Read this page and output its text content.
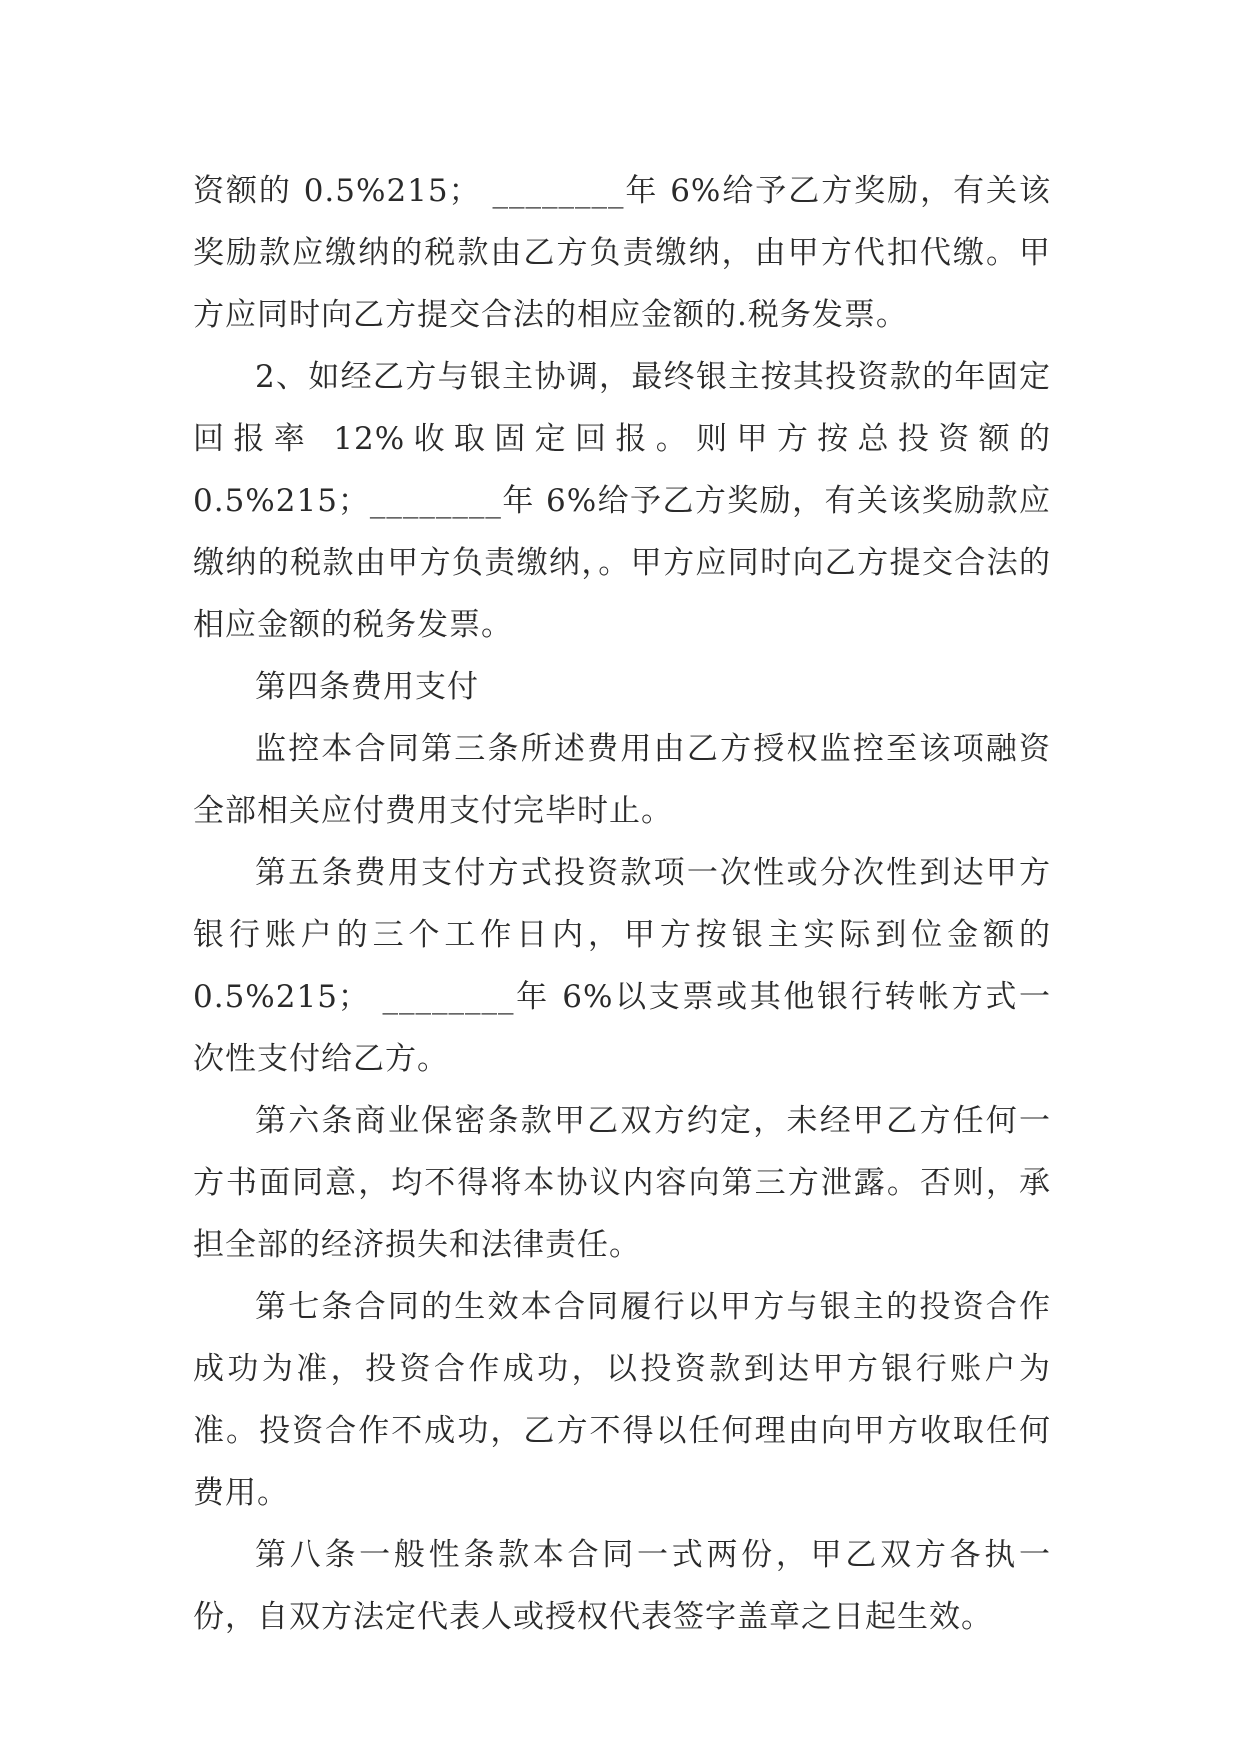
资额的 0.5%215； ________年 6%给予乙方奖励，有关该奖励款应缴纳的税款由乙方负责缴纳，由甲方代扣代缴。甲方应同时向乙方提交合法的相应金额的.税务发票。

2、如经乙方与银主协调，最终银主按其投资款的年固定回报率 12%收取固定回报。则甲方按总投资额的 0.5%215；________年 6%给予乙方奖励，有关该奖励款应缴纳的税款由甲方负责缴纳，。甲方应同时向乙方提交合法的相应金额的税务发票。

第四条费用支付

监控本合同第三条所述费用由乙方授权监控至该项融资全部相关应付费用支付完毕时止。

第五条费用支付方式投资款项一次性或分次性到达甲方银行账户的三个工作日内，甲方按银主实际到位金额的 0.5%215； ________年 6%以支票或其他银行转帐方式一次性支付给乙方。

第六条商业保密条款甲乙双方约定，未经甲乙方任何一方书面同意，均不得将本协议内容向第三方泄露。否则，承担全部的经济损失和法律责任。

第七条合同的生效本合同履行以甲方与银主的投资合作成功为准，投资合作成功，以投资款到达甲方银行账户为准。投资合作不成功，乙方不得以任何理由向甲方收取任何费用。

第八条一般性条款本合同一式两份，甲乙双方各执一份，自双方法定代表人或授权代表签字盖章之日起生效。
